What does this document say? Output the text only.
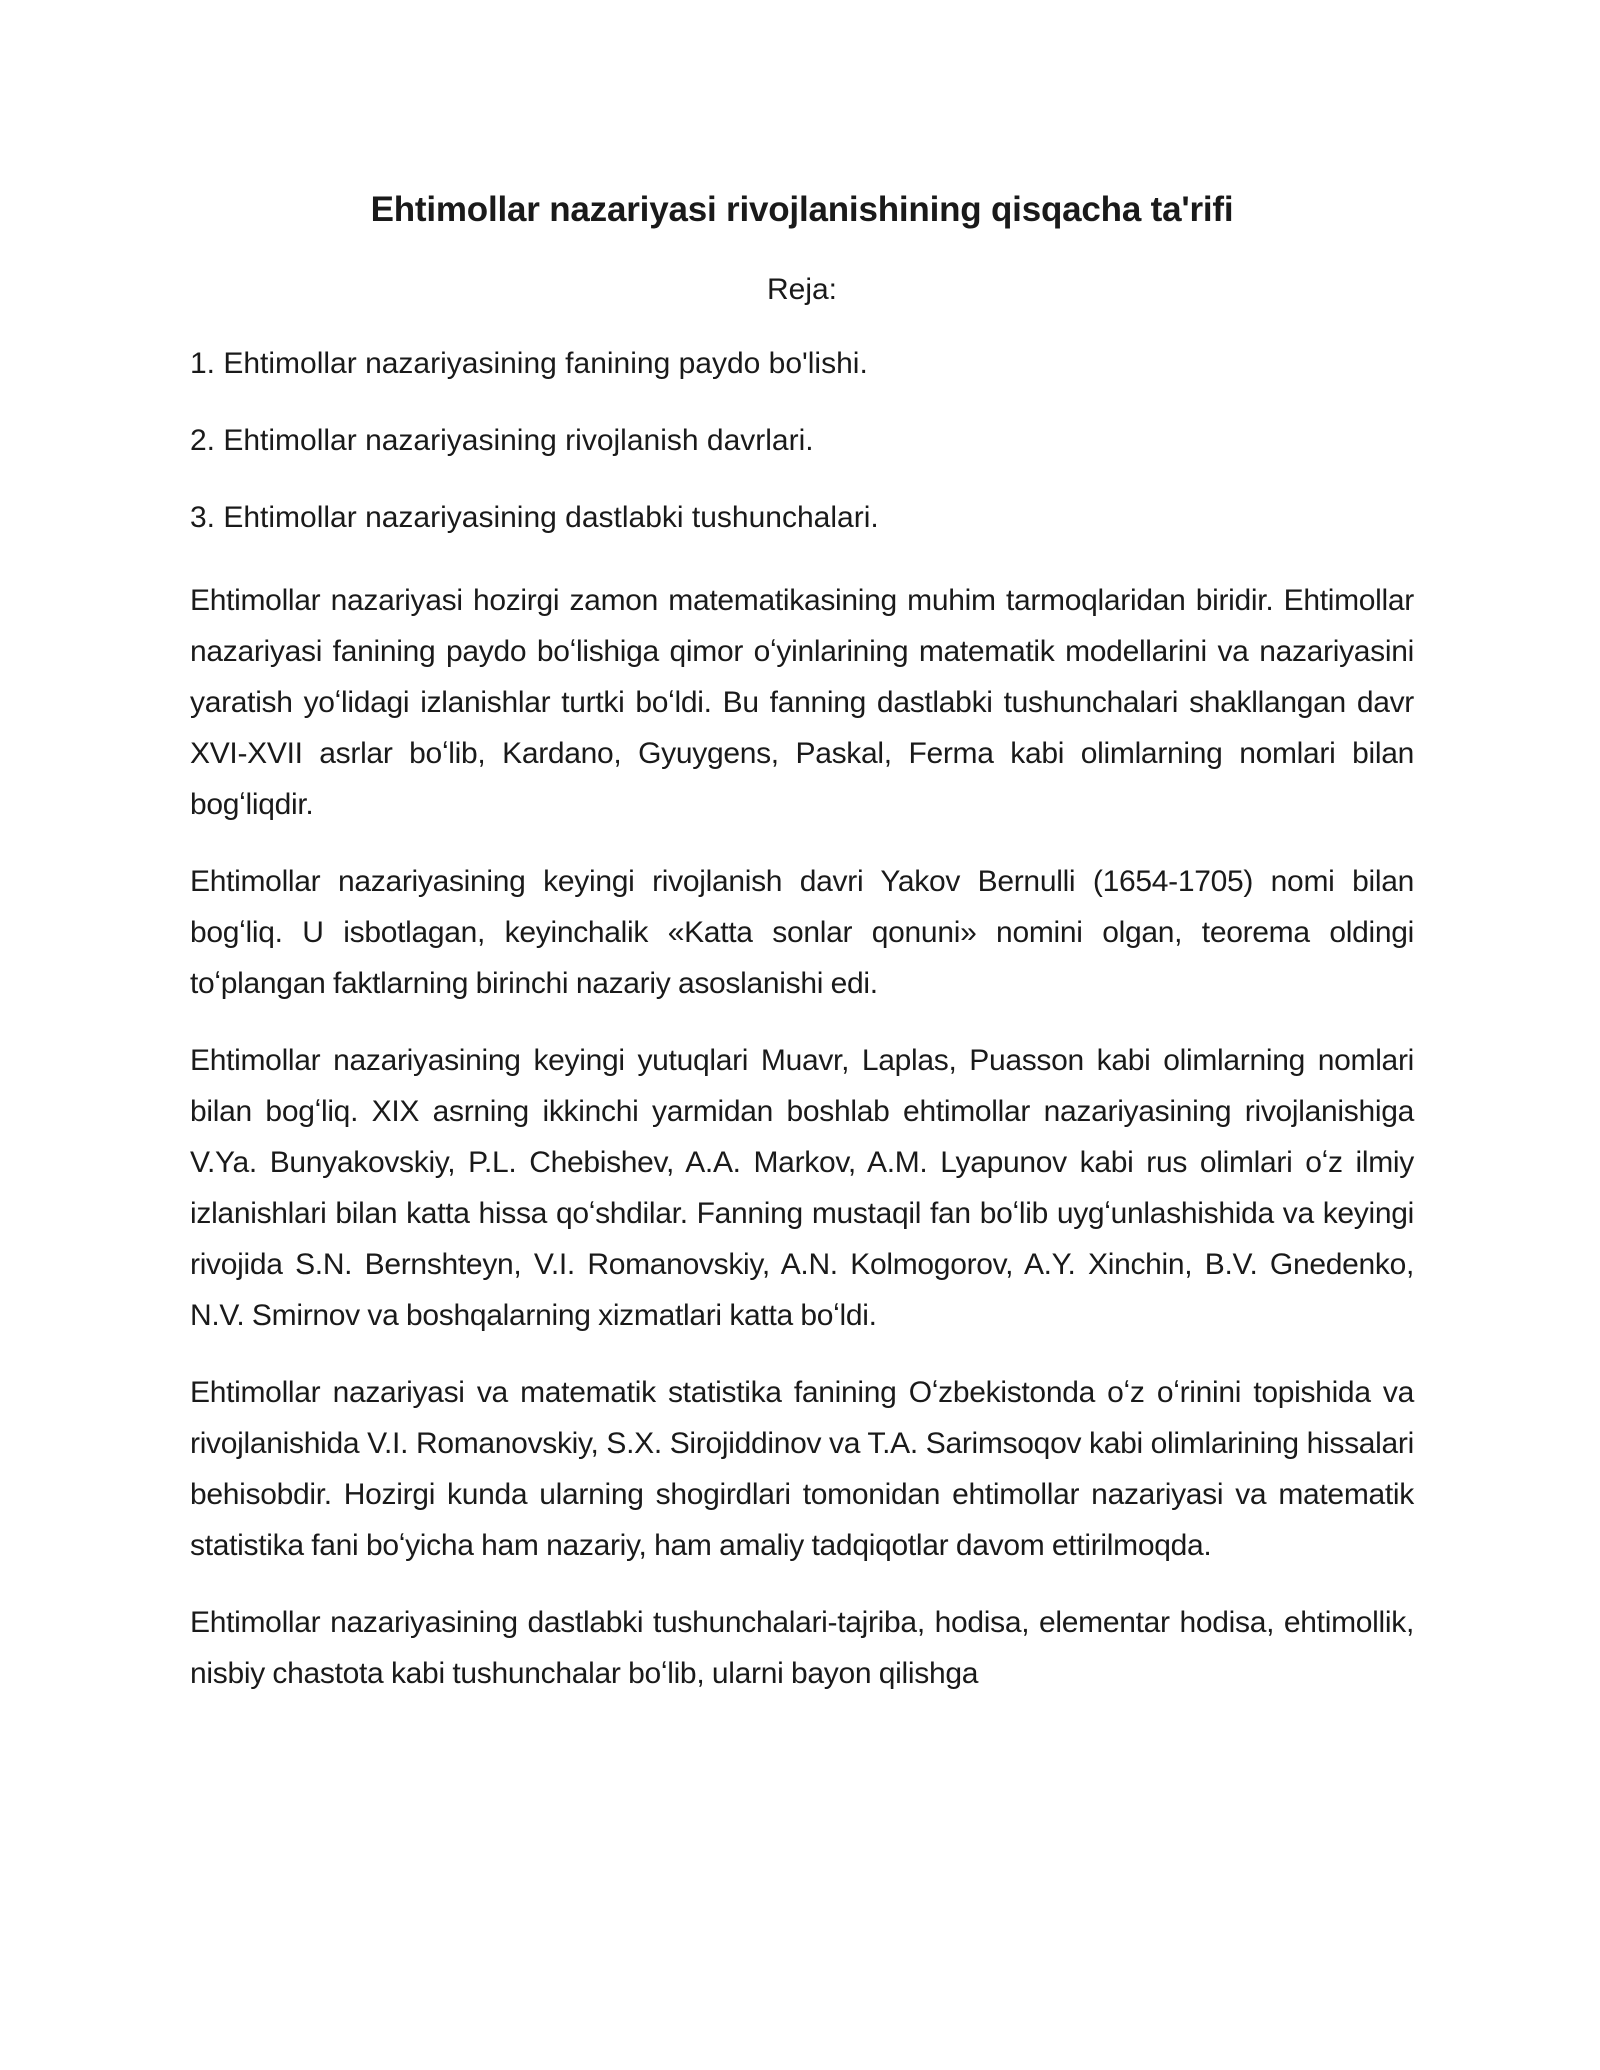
Ehtimollar nazariyasi rivojlanishining qisqacha ta'rifi
Reja:
1. Ehtimollar nazariyasining fanining paydo bo'lishi.
2. Ehtimollar nazariyasining rivojlanish davrlari.
3. Ehtimollar nazariyasining dastlabki tushunchalari.

Ehtimollar nazariyasi hozirgi zamon matematikasining muhim tarmoqlaridan biridir. Ehtimollar nazariyasi fanining paydo boʻlishiga qimor oʻyinlarining matematik modellarini va nazariyasini yaratish yoʻlidagi izlanishlar turtki boʻldi. Bu fanning dastlabki tushunchalari shakllangan davr XVI-XVII asrlar boʻlib, Kardano, Gyuygens, Paskal, Ferma kabi olimlarning nomlari bilan bogʻliqdir.

Ehtimollar nazariyasining keyingi rivojlanish davri Yakov Bernulli (1654-1705) nomi bilan bogʻliq. U isbotlagan, keyinchalik «Katta sonlar qonuni» nomini olgan, teorema oldingi toʻplangan faktlarning birinchi nazariy asoslanishi edi.

Ehtimollar nazariyasining keyingi yutuqlari Muavr, Laplas, Puasson kabi olimlarning nomlari bilan bogʻliq. XIX asrning ikkinchi yarmidan boshlab ehtimollar nazariyasining rivojlanishiga V.Ya. Bunyakovskiy, P.L. Chebishev, A.A. Markov, A.M. Lyapunov kabi rus olimlari oʻz ilmiy izlanishlari bilan katta hissa qoʻshdilar. Fanning mustaqil fan boʻlib uygʻunlashishida va keyingi rivojida S.N. Bernshteyn, V.I. Romanovskiy, A.N. Kolmogorov, A.Y. Xinchin, B.V. Gnedenko, N.V. Smirnov va boshqalarning xizmatlari katta boʻldi.

Ehtimollar nazariyasi va matematik statistika fanining Oʻzbekistonda oʻz oʻrinini topishida va rivojlanishida V.I. Romanovskiy, S.X. Sirojiddinov va T.A. Sarimsoqov kabi olimlarining hissalari behisobdir. Hozirgi kunda ularning shogirdlari tomonidan ehtimollar nazariyasi va matematik statistika fani boʻyicha ham nazariy, ham amaliy tadqiqotlar davom ettirilmoqda.

Ehtimollar nazariyasining dastlabki tushunchalari-tajriba, hodisa, elementar hodisa, ehtimollik, nisbiy chastota kabi tushunchalar boʻlib, ularni bayon qilishga
